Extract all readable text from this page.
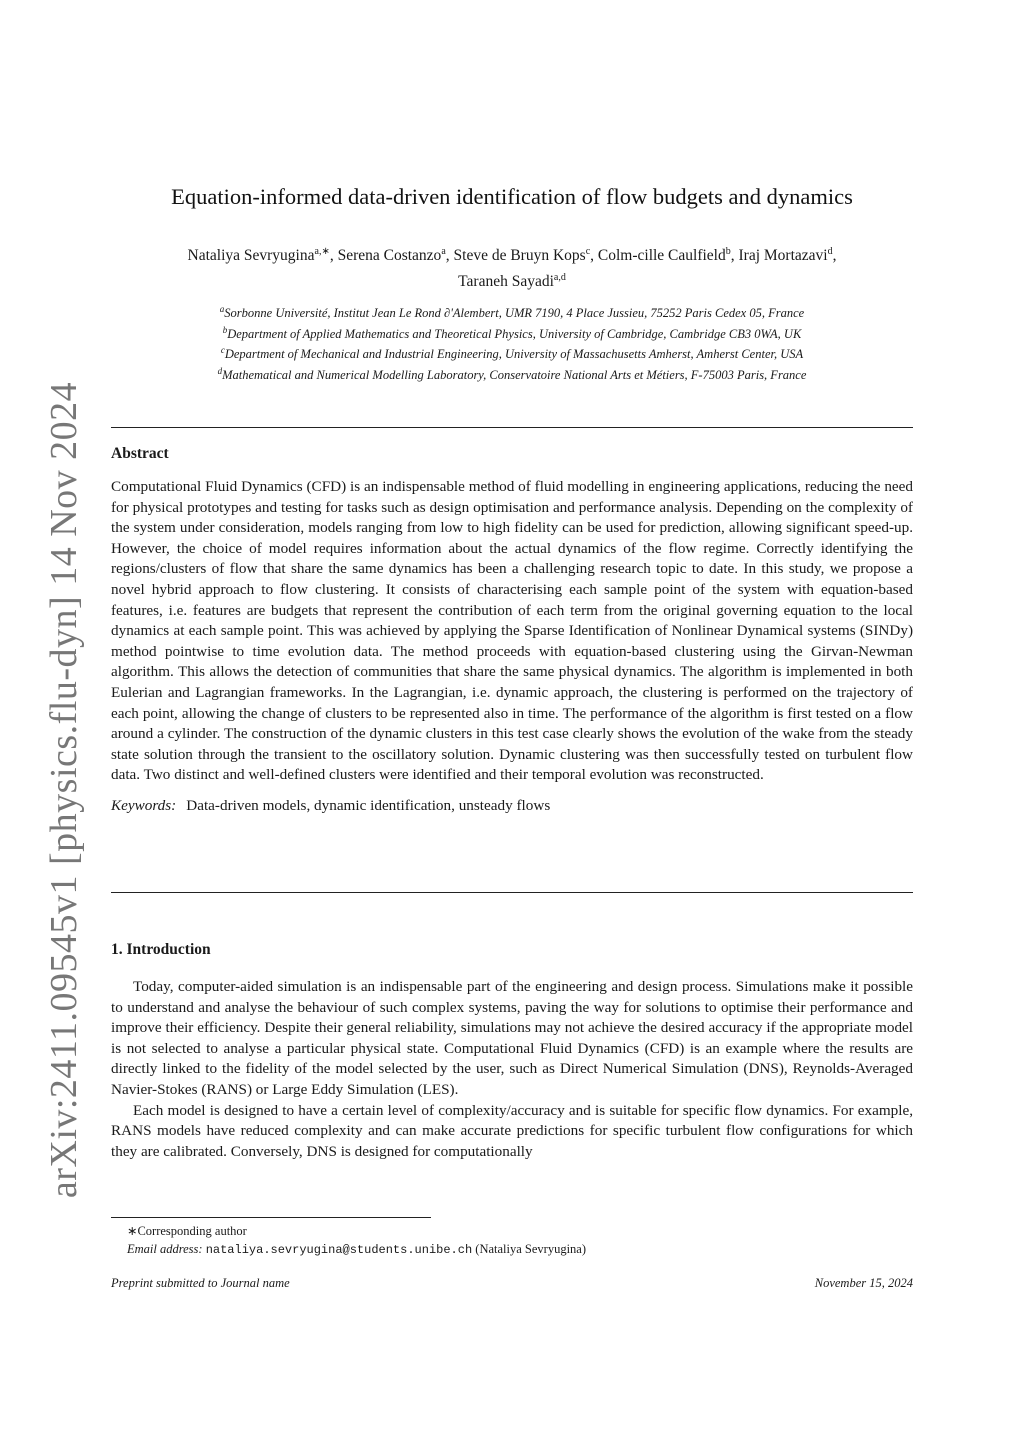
arXiv:2411.09545v1 [physics.flu-dyn] 14 Nov 2024
Equation-informed data-driven identification of flow budgets and dynamics
Nataliya Sevryugina$^{a,∗}$, Serena Costanzo$^a$, Steve de Bruyn Kops$^c$, Colm-cille Caulfield$^b$, Iraj Mortazavi$^d$,
Taraneh Sayadi$^{a,d}$
$^a$Sorbonne Université, Institut Jean Le Rond ∂'Alembert, UMR 7190, 4 Place Jussieu, 75252 Paris Cedex 05, France
$^b$Department of Applied Mathematics and Theoretical Physics, University of Cambridge, Cambridge CB3 0WA, UK
$^c$Department of Mechanical and Industrial Engineering, University of Massachusetts Amherst, Amherst Center, USA
$^d$Mathematical and Numerical Modelling Laboratory, Conservatoire National Arts et Métiers, F-75003 Paris, France
Abstract
Computational Fluid Dynamics (CFD) is an indispensable method of fluid modelling in engineering applications, reducing the need for physical prototypes and testing for tasks such as design optimisation and performance analysis. Depending on the complexity of the system under consideration, models ranging from low to high fidelity can be used for prediction, allowing significant speed-up. However, the choice of model requires information about the actual dynamics of the flow regime. Correctly identifying the regions/clusters of flow that share the same dynamics has been a challenging research topic to date. In this study, we propose a novel hybrid approach to flow clustering. It consists of characterising each sample point of the system with equation-based features, i.e. features are budgets that represent the contribution of each term from the original governing equation to the local dynamics at each sample point. This was achieved by applying the Sparse Identification of Nonlinear Dynamical systems (SINDy) method pointwise to time evolution data. The method proceeds with equation-based clustering using the Girvan-Newman algorithm. This allows the detection of communities that share the same physical dynamics. The algorithm is implemented in both Eulerian and Lagrangian frameworks. In the Lagrangian, i.e. dynamic approach, the clustering is performed on the trajectory of each point, allowing the change of clusters to be represented also in time. The performance of the algorithm is first tested on a flow around a cylinder. The construction of the dynamic clusters in this test case clearly shows the evolution of the wake from the steady state solution through the transient to the oscillatory solution. Dynamic clustering was then successfully tested on turbulent flow data. Two distinct and well-defined clusters were identified and their temporal evolution was reconstructed.
Keywords: Data-driven models, dynamic identification, unsteady flows
1. Introduction

Today, computer-aided simulation is an indispensable part of the engineering and design process. Simulations make it possible to understand and analyse the behaviour of such complex systems, paving the way for solutions to optimise their performance and improve their efficiency. Despite their general reliability, simulations may not achieve the desired accuracy if the appropriate model is not selected to analyse a particular physical state. Computational Fluid Dynamics (CFD) is an example where the results are directly linked to the fidelity of the model selected by the user, such as Direct Numerical Simulation (DNS), Reynolds-Averaged Navier-Stokes (RANS) or Large Eddy Simulation (LES).

Each model is designed to have a certain level of complexity/accuracy and is suitable for specific flow dynamics. For example, RANS models have reduced complexity and can make accurate predictions for specific turbulent flow configurations for which they are calibrated. Conversely, DNS is designed for computationally

∗Corresponding author
Email address: nataliya.sevryugina@students.unibe.ch (Nataliya Sevryugina)
Preprint submitted to Journal name	November 15, 2024
